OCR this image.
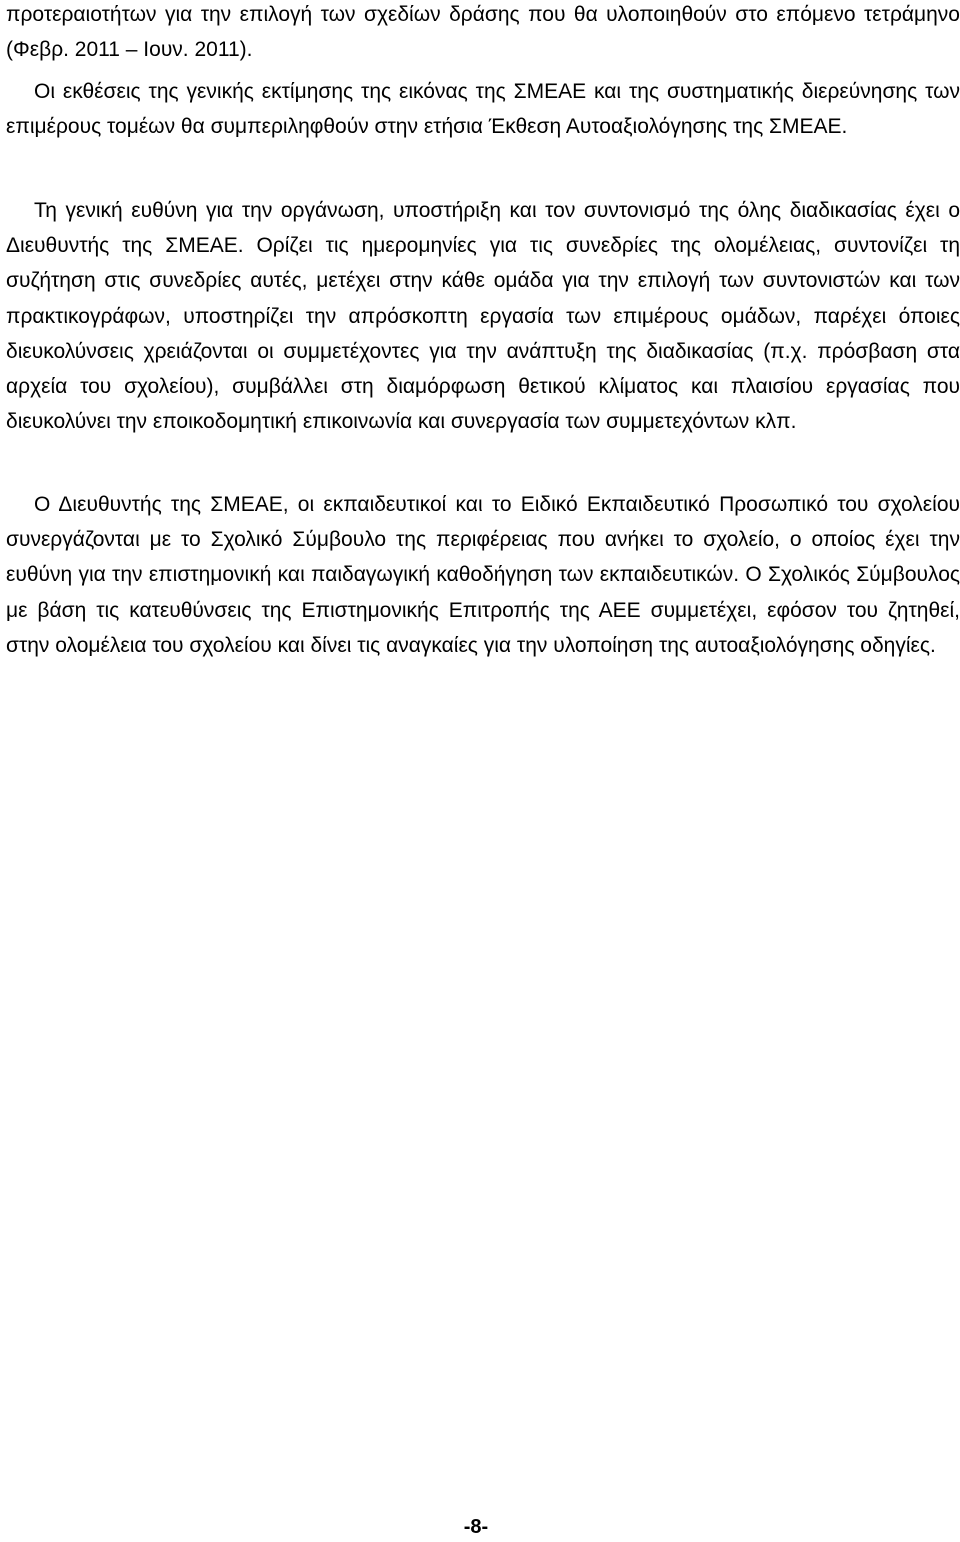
προτεραιοτήτων για την επιλογή των σχεδίων δράσης που θα υλοποιηθούν στο επόμενο τετράμηνο (Φεβρ. 2011 – Ιουν. 2011).

Οι εκθέσεις της γενικής εκτίμησης της εικόνας της ΣΜΕΑΕ και της συστηματικής διερεύνησης των επιμέρους τομέων θα συμπεριληφθούν στην ετήσια Έκθεση Αυτοαξιολόγησης της ΣΜΕΑΕ.

Τη γενική ευθύνη για την οργάνωση, υποστήριξη και τον συντονισμό της όλης διαδικασίας έχει ο Διευθυντής της ΣΜΕΑΕ. Ορίζει τις ημερομηνίες για τις συνεδρίες της ολομέλειας, συντονίζει τη συζήτηση στις συνεδρίες αυτές, μετέχει στην κάθε ομάδα για την επιλογή των συντονιστών και των πρακτικογράφων, υποστηρίζει την απρόσκοπτη εργασία των επιμέρους ομάδων, παρέχει όποιες διευκολύνσεις χρειάζονται οι συμμετέχοντες για την ανάπτυξη της διαδικασίας (π.χ. πρόσβαση στα αρχεία του σχολείου), συμβάλλει στη διαμόρφωση θετικού κλίματος και πλαισίου εργασίας που διευκολύνει την εποικοδομητική επικοινωνία και συνεργασία των συμμετεχόντων κλπ.

Ο Διευθυντής της ΣΜΕΑΕ, οι εκπαιδευτικοί και το Ειδικό Εκπαιδευτικό Προσωπικό του σχολείου συνεργάζονται με το Σχολικό Σύμβουλο της περιφέρειας που ανήκει το σχολείο, ο οποίος έχει την ευθύνη για την επιστημονική και παιδαγωγική καθοδήγηση των εκπαιδευτικών. Ο Σχολικός Σύμβουλος με βάση τις κατευθύνσεις της Επιστημονικής Επιτροπής της ΑΕΕ συμμετέχει, εφόσον του ζητηθεί, στην ολομέλεια του σχολείου και δίνει τις αναγκαίες για την υλοποίηση της αυτοαξιολόγησης οδηγίες.

-8-
